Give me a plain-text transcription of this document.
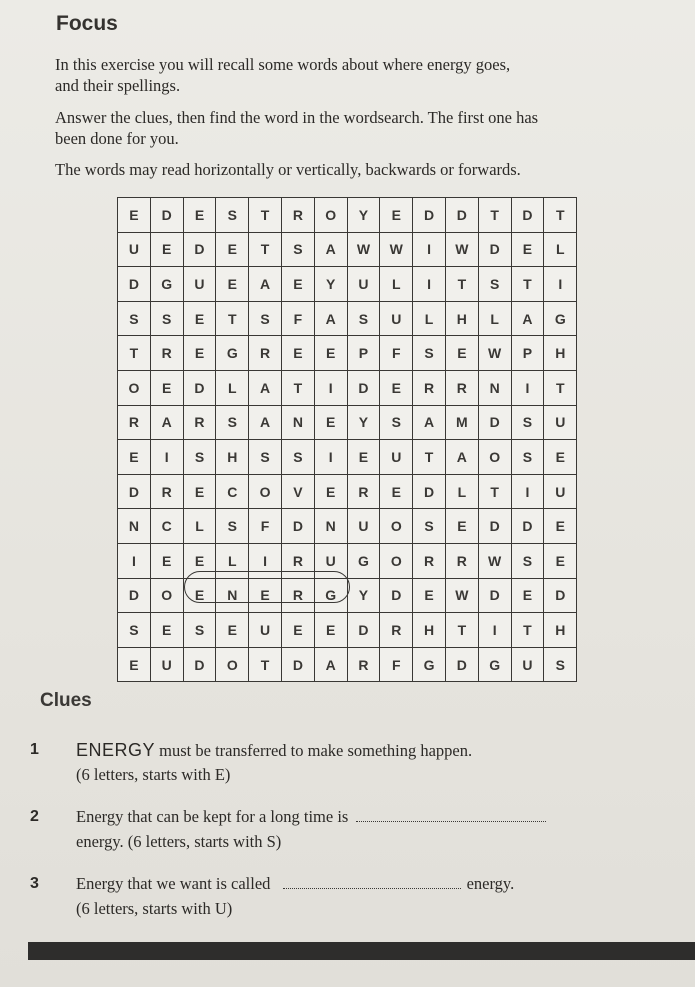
Focus
In this exercise you will recall some words about where energy goes,
and their spellings.
Answer the clues, then find the word in the wordsearch. The first one has
been done for you.
The words may read horizontally or vertically, backwards or forwards.
E	D	E	S	T	R	O	Y	E	D	D	T	D	T
U	E	D	E	T	S	A	W	W	I	W	D	E	L
D	G	U	E	A	E	Y	U	L	I	T	S	T	I
S	S	E	T	S	F	A	S	U	L	H	L	A	G
T	R	E	G	R	E	E	P	F	S	E	W	P	H
O	E	D	L	A	T	I	D	E	R	R	N	I	T
R	A	R	S	A	N	E	Y	S	A	M	D	S	U
E	I	S	H	S	S	I	E	U	T	A	O	S	E
D	R	E	C	O	V	E	R	E	D	L	T	I	U
N	C	L	S	F	D	N	U	O	S	E	D	D	E
I	E	E	L	I	R	U	G	O	R	R	W	S	E
D	O	E	N	E	R	G	Y	D	E	W	D	E	D
S	E	S	E	U	E	E	D	R	H	T	I	T	H
E	U	D	O	T	D	A	R	F	G	D	G	U	S
Clues
1 ENERGY must be transferred to make something happen.
(6 letters, starts with E)
2 Energy that can be kept for a long time is
energy. (6 letters, starts with S)
3 Energy that we want is called	energy.
(6 letters, starts with U)
